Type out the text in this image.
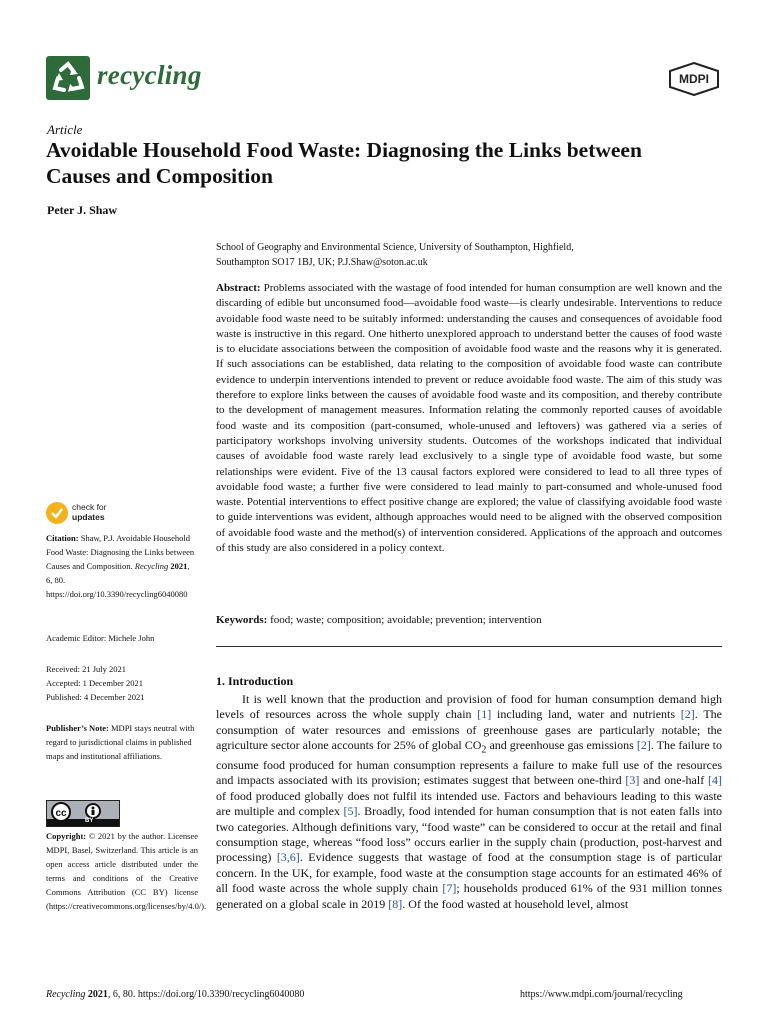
recycling	MDPI
Article
Avoidable Household Food Waste: Diagnosing the Links between Causes and Composition
Peter J. Shaw
School of Geography and Environmental Science, University of Southampton, Highfield,
Southampton SO17 1BJ, UK; P.J.Shaw@soton.ac.uk
Abstract: Problems associated with the wastage of food intended for human consumption are well known and the discarding of edible but unconsumed food—avoidable food waste—is clearly undesirable. Interventions to reduce avoidable food waste need to be suitably informed: understanding the causes and consequences of avoidable food waste is instructive in this regard. One hitherto unexplored approach to understand better the causes of food waste is to elucidate associations between the composition of avoidable food waste and the reasons why it is generated. If such associations can be established, data relating to the composition of avoidable food waste can contribute evidence to underpin interventions intended to prevent or reduce avoidable food waste. The aim of this study was therefore to explore links between the causes of avoidable food waste and its composition, and thereby contribute to the development of management measures. Information relating the commonly reported causes of avoidable food waste and its composition (part-consumed, whole-unused and leftovers) was gathered via a series of participatory workshops involving university students. Outcomes of the workshops indicated that individual causes of avoidable food waste rarely lead exclusively to a single type of avoidable food waste, but some relationships were evident. Five of the 13 causal factors explored were considered to lead to all three types of avoidable food waste; a further five were considered to lead mainly to part-consumed and whole-unused food waste. Potential interventions to effect positive change are explored; the value of classifying avoidable food waste to guide interventions was evident, although approaches would need to be aligned with the observed composition of avoidable food waste and the method(s) of intervention considered. Applications of the approach and outcomes of this study are also considered in a policy context.
Keywords: food; waste; composition; avoidable; prevention; intervention
1. Introduction
It is well known that the production and provision of food for human consumption demand high levels of resources across the whole supply chain [1] including land, water and nutrients [2]. The consumption of water resources and emissions of greenhouse gases are particularly notable; the agriculture sector alone accounts for 25% of global $CO_2$ and greenhouse gas emissions [2]. The failure to consume food produced for human consumption represents a failure to make full use of the resources and impacts associated with its provision; estimates suggest that between one-third [3] and one-half [4] of food produced globally does not fulfil its intended use. Factors and behaviours leading to this waste are multiple and complex [5]. Broadly, food intended for human consumption that is not eaten falls into two categories. Although definitions vary, “food waste” can be considered to occur at the retail and final consumption stage, whereas “food loss” occurs earlier in the supply chain (production, post-harvest and processing) [3,6]. Evidence suggests that wastage of food at the consumption stage is of particular concern. In the UK, for example, food waste at the consumption stage accounts for an estimated 46% of all food waste across the whole supply chain [7]; households produced 61% of the 931 million tonnes generated on a global scale in 2019 [8]. Of the food wasted at household level, almost
check for
updates
Citation: Shaw, P.J. Avoidable Household Food Waste: Diagnosing the Links between Causes and Composition. Recycling 2021, 6, 80. https://doi.org/10.3390/recycling6040080
Academic Editor: Michele John
Received: 21 July 2021
Accepted: 1 December 2021
Published: 4 December 2021
Publisher’s Note: MDPI stays neutral with regard to jurisdictional claims in published maps and institutional affiliations.
cc
BY
Copyright: © 2021 by the author. Licensee MDPI, Basel, Switzerland. This article is an open access article distributed under the terms and conditions of the Creative Commons Attribution (CC BY) license (https://creativecommons.org/licenses/by/4.0/).
Recycling 2021, 6, 80. https://doi.org/10.3390/recycling6040080	https://www.mdpi.com/journal/recycling
